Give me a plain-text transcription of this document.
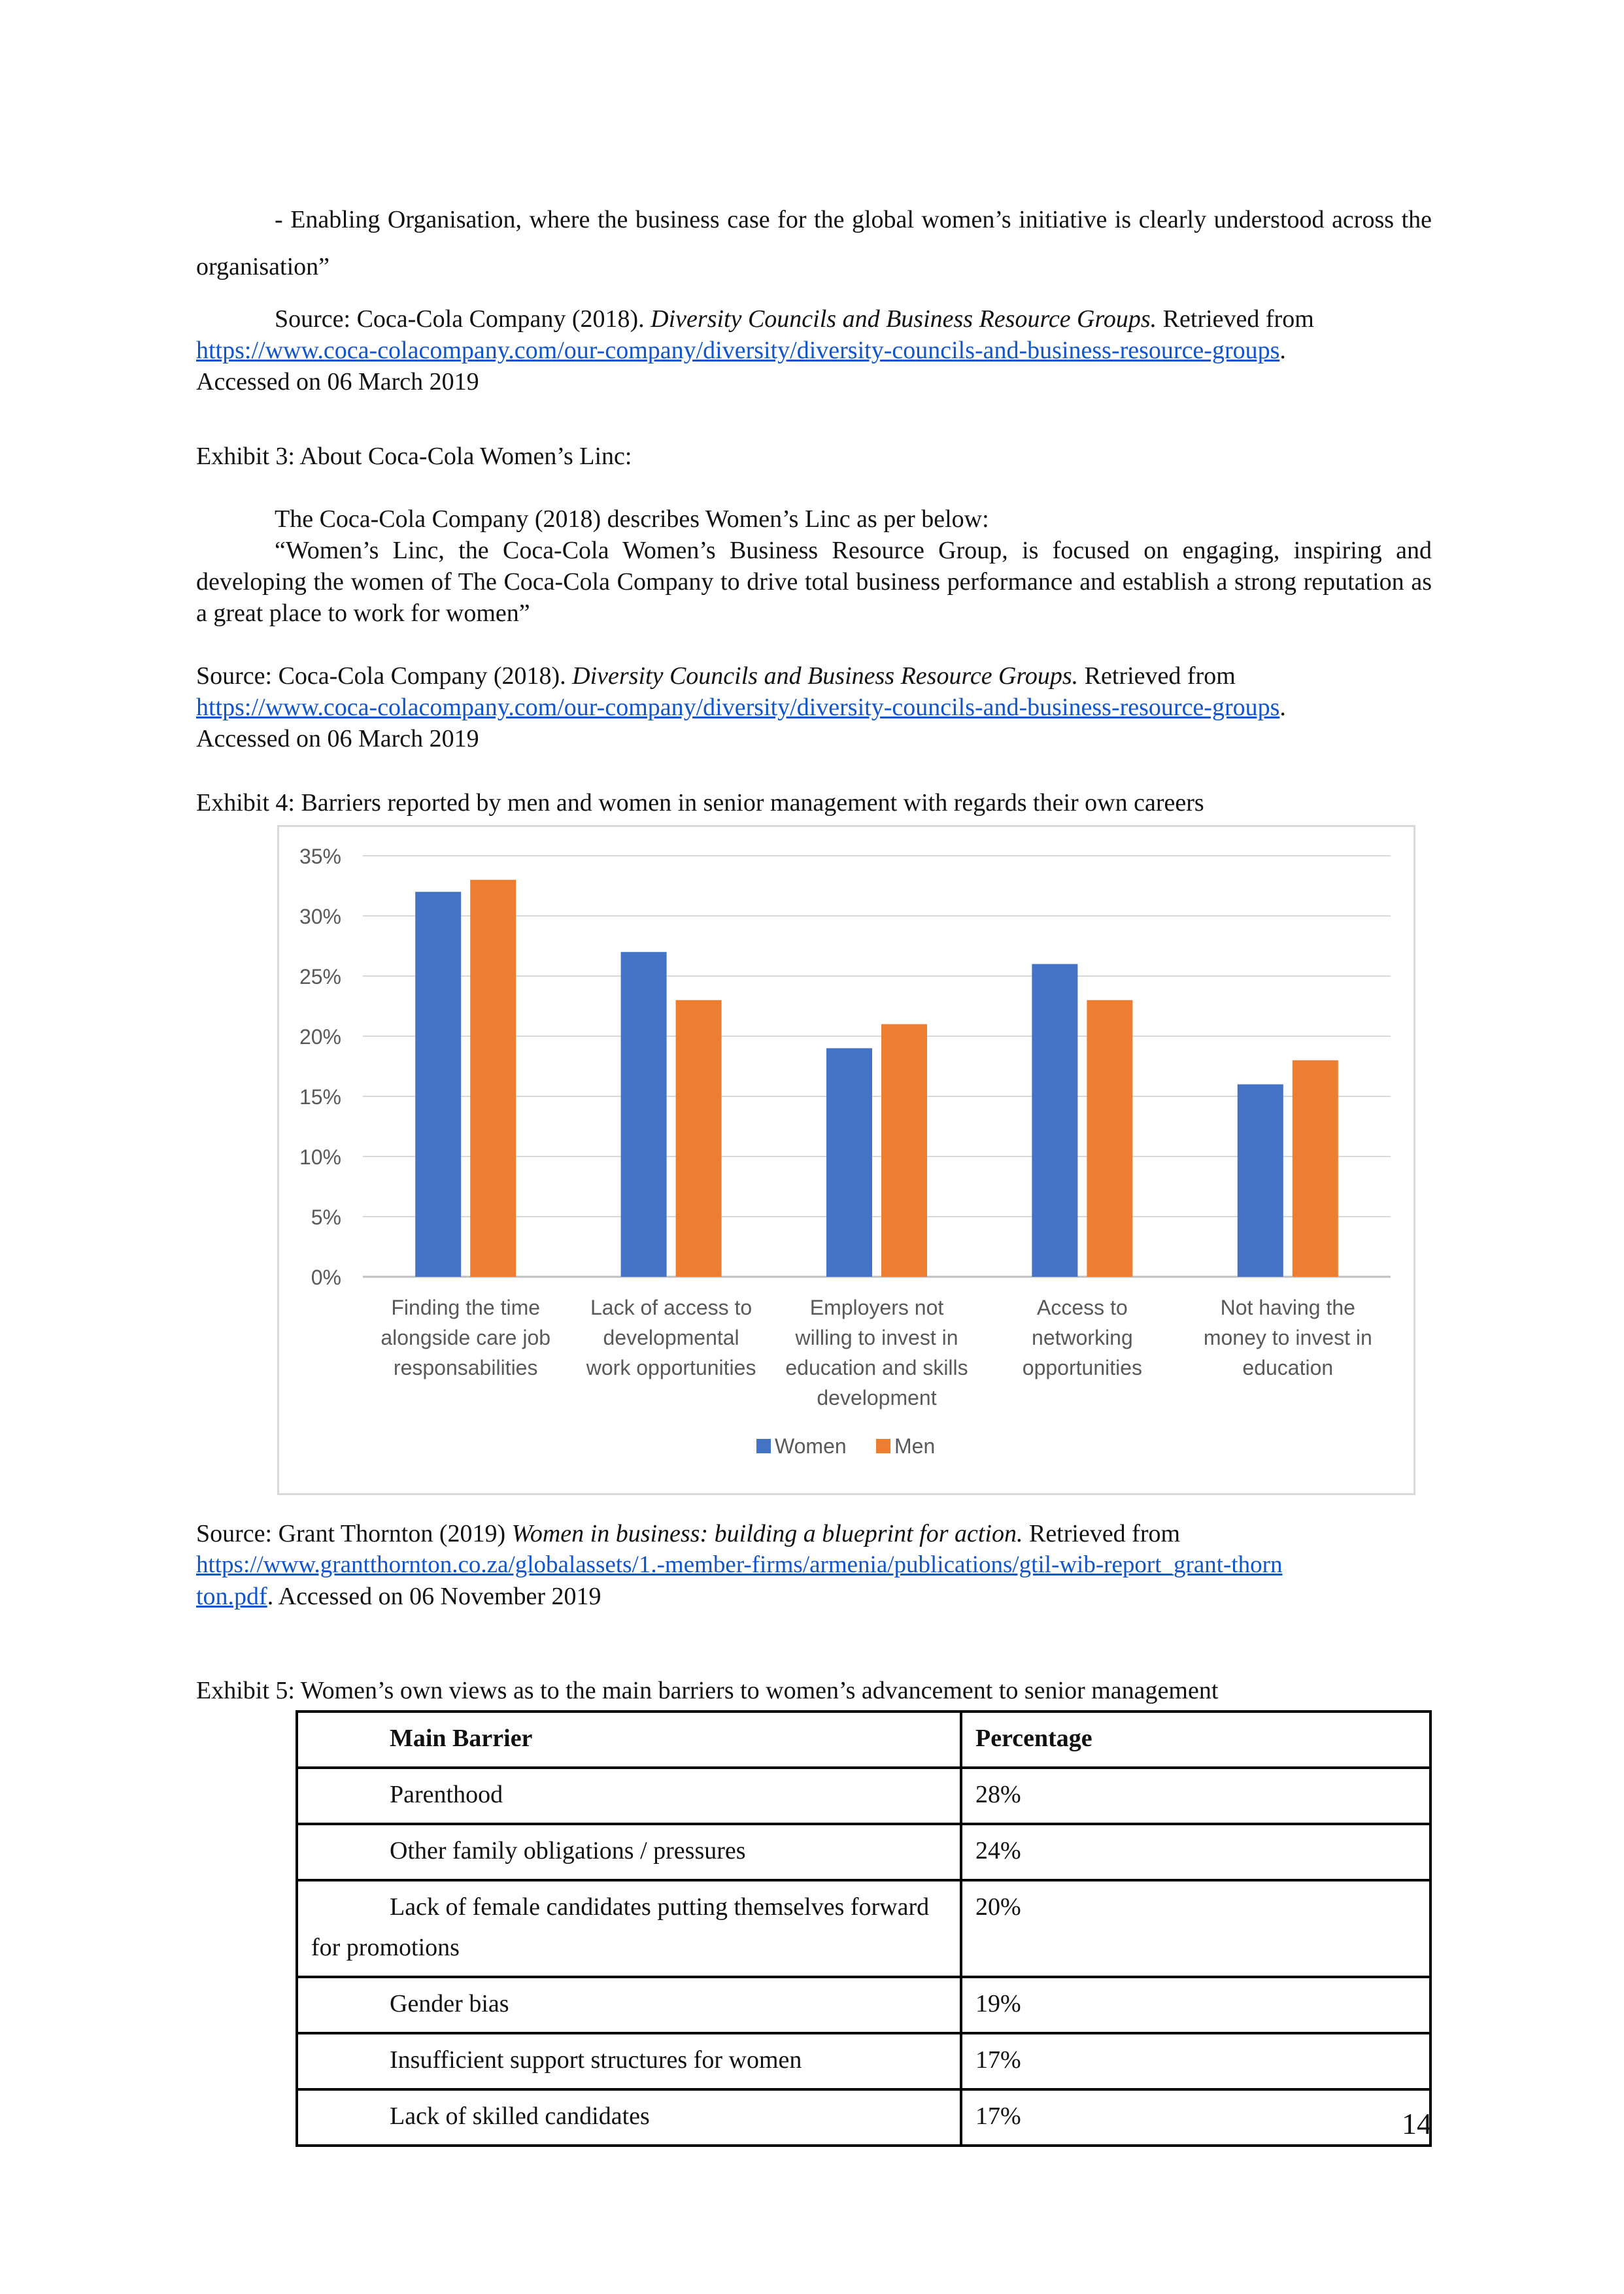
- Enabling Organisation, where the business case for the global women’s initiative is clearly understood across the organisation”
Source: Coca-Cola Company (2018). Diversity Councils and Business Resource Groups. Retrieved from
https://www.coca-colacompany.com/our-company/diversity/diversity-councils-and-business-resource-groups.
Accessed on 06 March 2019
Exhibit 3: About Coca-Cola Women’s Linc:
The Coca-Cola Company (2018) describes Women’s Linc as per below:
“Women’s Linc, the Coca-Cola Women’s Business Resource Group, is focused on engaging, inspiring and developing the women of The Coca-Cola Company to drive total business performance and establish a strong reputation as a great place to work for women”
Source: Coca-Cola Company (2018). Diversity Councils and Business Resource Groups. Retrieved from
https://www.coca-colacompany.com/our-company/diversity/diversity-councils-and-business-resource-groups.
Accessed on 06 March 2019
Exhibit 4: Barriers reported by men and women in senior management with regards their own careers
0%
5%
10%
15%
20%
25%
30%
35%
Finding the time
alongside care job
responsabilities
Lack of access to
developmental
work opportunities
Employers not
willing to invest in
education and skills
development
Access to
networking
opportunities
Not having the
money to invest in
education
Women Men
Source: Grant Thornton (2019) Women in business: building a blueprint for action. Retrieved from
https://www.grantthornton.co.za/globalassets/1.-member-firms/armenia/publications/gtil-wib-report_grant-thorn
ton.pdf. Accessed on 06 November 2019
Exhibit 5: Women’s own views as to the main barriers to women’s advancement to senior management
Main Barrier	Percentage
Parenthood	28%
Other family obligations / pressures	24%
Lack of female candidates putting themselves forward for promotions	20%
Gender bias	19%
Insufficient support structures for women	17%
Lack of skilled candidates	17%	14
